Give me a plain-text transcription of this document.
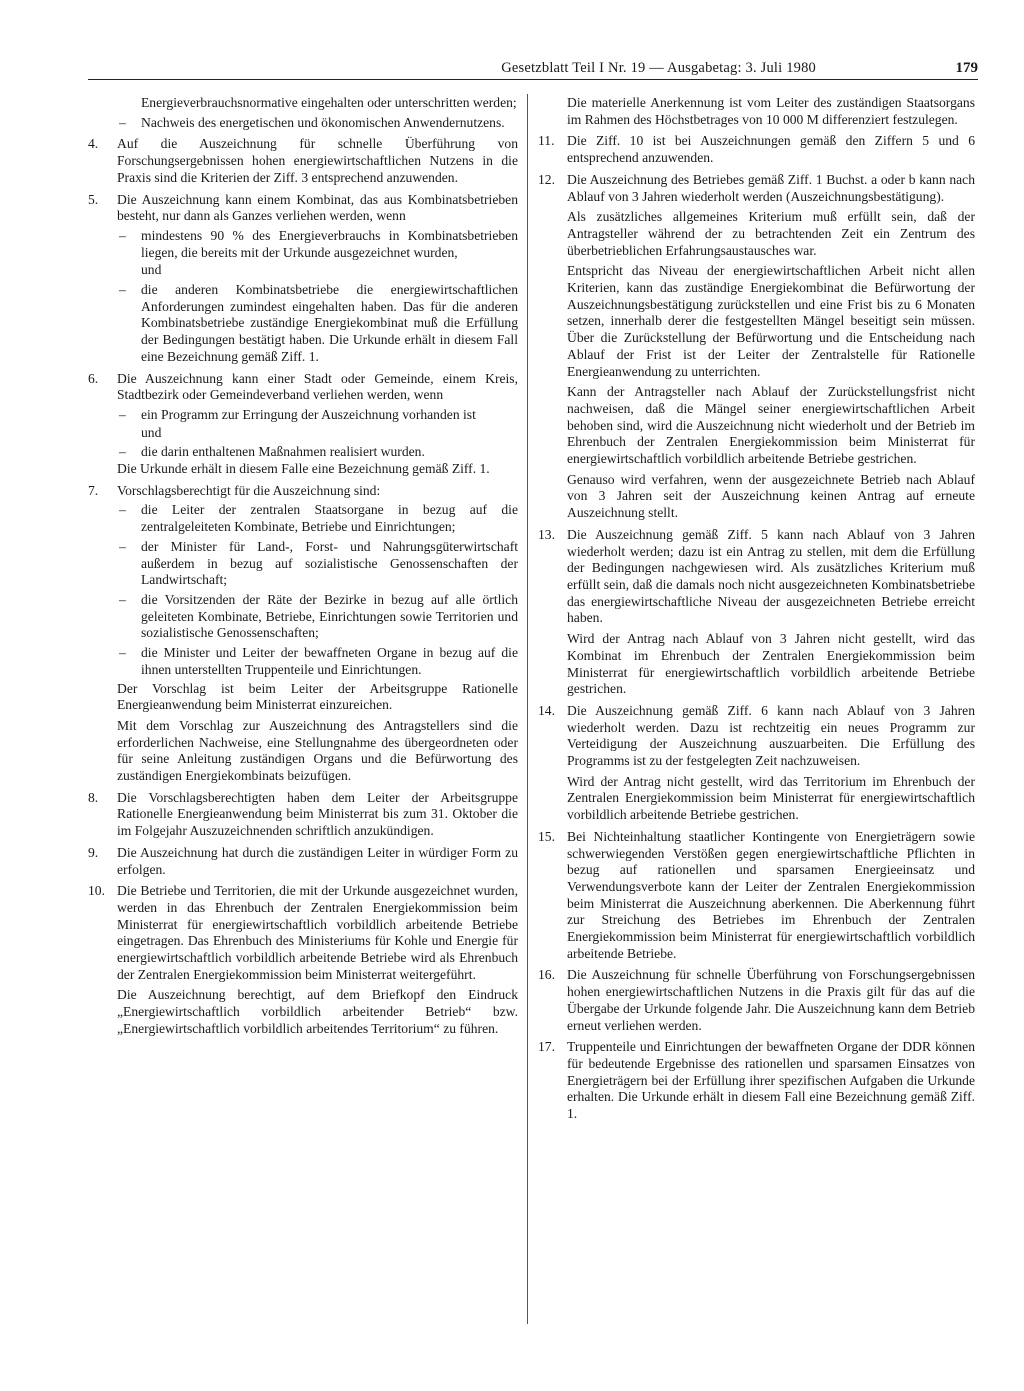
Gesetzblatt Teil I Nr. 19 — Ausgabetag: 3. Juli 1980	179

Energieverbrauchsnormative eingehalten oder unterschritten werden;

– Nachweis des energetischen und ökonomischen Anwendernutzens.
4. Auf die Auszeichnung für schnelle Überführung von Forschungsergebnissen hohen energiewirtschaftlichen Nutzens in die Praxis sind die Kriterien der Ziff. 3 entsprechend anzuwenden.

5. Die Auszeichnung kann einem Kombinat, das aus Kombinatsbetrieben besteht, nur dann als Ganzes verliehen werden, wenn

– mindestens 90 % des Energieverbrauchs in Kombinatsbetrieben liegen, die bereits mit der Urkunde ausgezeichnet wurden,
und
– die anderen Kombinatsbetriebe die energiewirtschaftlichen Anforderungen zumindest eingehalten haben. Das für die anderen Kombinatsbetriebe zuständige Energiekombinat muß die Erfüllung der Bedingungen bestätigt haben. Die Urkunde erhält in diesem Fall eine Bezeichnung gemäß Ziff. 1.
6. Die Auszeichnung kann einer Stadt oder Gemeinde, einem Kreis, Stadtbezirk oder Gemeindeverband verliehen werden, wenn

– ein Programm zur Erringung der Auszeichnung vorhanden ist
und
– die darin enthaltenen Maßnahmen realisiert wurden.

Die Urkunde erhält in diesem Falle eine Bezeichnung gemäß Ziff. 1.

7. Vorschlagsberechtigt für die Auszeichnung sind:

– die Leiter der zentralen Staatsorgane in bezug auf die zentralgeleiteten Kombinate, Betriebe und Einrichtungen;
– der Minister für Land-, Forst- und Nahrungsgüterwirtschaft außerdem in bezug auf sozialistische Genossenschaften der Landwirtschaft;
– die Vorsitzenden der Räte der Bezirke in bezug auf alle örtlich geleiteten Kombinate, Betriebe, Einrichtungen sowie Territorien und sozialistische Genossenschaften;
– die Minister und Leiter der bewaffneten Organe in bezug auf die ihnen unterstellten Truppenteile und Einrichtungen.

Der Vorschlag ist beim Leiter der Arbeitsgruppe Rationelle Energieanwendung beim Ministerrat einzureichen.

Mit dem Vorschlag zur Auszeichnung des Antragstellers sind die erforderlichen Nachweise, eine Stellungnahme des übergeordneten oder für seine Anleitung zuständigen Organs und die Befürwortung des zuständigen Energiekombinats beizufügen.

8. Die Vorschlagsberechtigten haben dem Leiter der Arbeitsgruppe Rationelle Energieanwendung beim Ministerrat bis zum 31. Oktober die im Folgejahr Auszuzeichnenden schriftlich anzukündigen.

9. Die Auszeichnung hat durch die zuständigen Leiter in würdiger Form zu erfolgen.

10. Die Betriebe und Territorien, die mit der Urkunde ausgezeichnet wurden, werden in das Ehrenbuch der Zentralen Energiekommission beim Ministerrat für energiewirtschaftlich vorbildlich arbeitende Betriebe eingetragen. Das Ehrenbuch des Ministeriums für Kohle und Energie für energiewirtschaftlich vorbildlich arbeitende Betriebe wird als Ehrenbuch der Zentralen Energiekommission beim Ministerrat weitergeführt.

Die Auszeichnung berechtigt, auf dem Briefkopf den Eindruck „Energiewirtschaftlich vorbildlich arbeitender Betrieb“ bzw. „Energiewirtschaftlich vorbildlich arbeitendes Territorium“ zu führen.

Die materielle Anerkennung ist vom Leiter des zuständigen Staatsorgans im Rahmen des Höchstbetrages von 10 000 M differenziert festzulegen.

11. Die Ziff. 10 ist bei Auszeichnungen gemäß den Ziffern 5 und 6 entsprechend anzuwenden.

12. Die Auszeichnung des Betriebes gemäß Ziff. 1 Buchst. a oder b kann nach Ablauf von 3 Jahren wiederholt werden (Auszeichnungsbestätigung).

Als zusätzliches allgemeines Kriterium muß erfüllt sein, daß der Antragsteller während der zu betrachtenden Zeit ein Zentrum des überbetrieblichen Erfahrungsaustausches war.

Entspricht das Niveau der energiewirtschaftlichen Arbeit nicht allen Kriterien, kann das zuständige Energiekombinat die Befürwortung der Auszeichnungsbestätigung zurückstellen und eine Frist bis zu 6 Monaten setzen, innerhalb derer die festgestellten Mängel beseitigt sein müssen. Über die Zurückstellung der Befürwortung und die Entscheidung nach Ablauf der Frist ist der Leiter der Zentralstelle für Rationelle Energieanwendung zu unterrichten.

Kann der Antragsteller nach Ablauf der Zurückstellungsfrist nicht nachweisen, daß die Mängel seiner energiewirtschaftlichen Arbeit behoben sind, wird die Auszeichnung nicht wiederholt und der Betrieb im Ehrenbuch der Zentralen Energiekommission beim Ministerrat für energiewirtschaftlich vorbildlich arbeitende Betriebe gestrichen.

Genauso wird verfahren, wenn der ausgezeichnete Betrieb nach Ablauf von 3 Jahren seit der Auszeichnung keinen Antrag auf erneute Auszeichnung stellt.

13. Die Auszeichnung gemäß Ziff. 5 kann nach Ablauf von 3 Jahren wiederholt werden; dazu ist ein Antrag zu stellen, mit dem die Erfüllung der Bedingungen nachgewiesen wird. Als zusätzliches Kriterium muß erfüllt sein, daß die damals noch nicht ausgezeichneten Kombinatsbetriebe das energiewirtschaftliche Niveau der ausgezeichneten Betriebe erreicht haben.

Wird der Antrag nach Ablauf von 3 Jahren nicht gestellt, wird das Kombinat im Ehrenbuch der Zentralen Energiekommission beim Ministerrat für energiewirtschaftlich vorbildlich arbeitende Betriebe gestrichen.

14. Die Auszeichnung gemäß Ziff. 6 kann nach Ablauf von 3 Jahren wiederholt werden. Dazu ist rechtzeitig ein neues Programm zur Verteidigung der Auszeichnung auszuarbeiten. Die Erfüllung des Programms ist zu der festgelegten Zeit nachzuweisen.

Wird der Antrag nicht gestellt, wird das Territorium im Ehrenbuch der Zentralen Energiekommission beim Ministerrat für energiewirtschaftlich vorbildlich arbeitende Betriebe gestrichen.

15. Bei Nichteinhaltung staatlicher Kontingente von Energieträgern sowie schwerwiegenden Verstößen gegen energiewirtschaftliche Pflichten in bezug auf rationellen und sparsamen Energieeinsatz und Verwendungsverbote kann der Leiter der Zentralen Energiekommission beim Ministerrat die Auszeichnung aberkennen. Die Aberkennung führt zur Streichung des Betriebes im Ehrenbuch der Zentralen Energiekommission beim Ministerrat für energiewirtschaftlich vorbildlich arbeitende Betriebe.

16. Die Auszeichnung für schnelle Überführung von Forschungsergebnissen hohen energiewirtschaftlichen Nutzens in die Praxis gilt für das auf die Übergabe der Urkunde folgende Jahr. Die Auszeichnung kann dem Betrieb erneut verliehen werden.

17. Truppenteile und Einrichtungen der bewaffneten Organe der DDR können für bedeutende Ergebnisse des rationellen und sparsamen Einsatzes von Energieträgern bei der Erfüllung ihrer spezifischen Aufgaben die Urkunde erhalten. Die Urkunde erhält in diesem Fall eine Bezeichnung gemäß Ziff. 1.
